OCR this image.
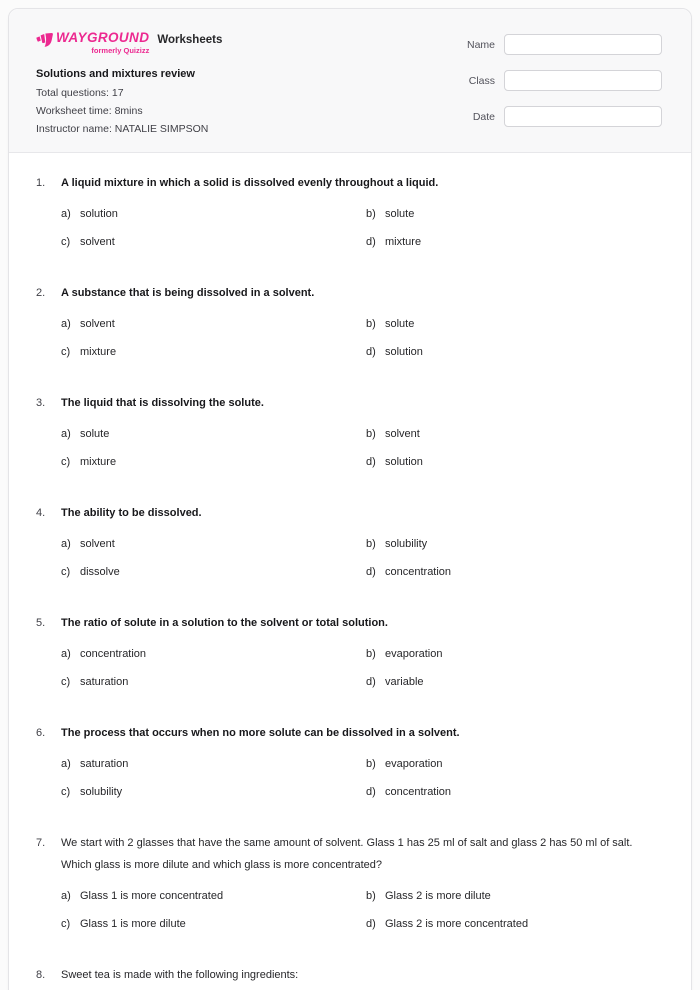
WAYGROUND
formerly Quizizz
Worksheets
Solutions and mixtures review
Total questions: 17
Worksheet time: 8mins
Instructor name: NATALIE SIMPSON
Name
Class
Date
1.	A liquid mixture in which a solid is dissolved evenly throughout a liquid.
a) solution	b) solute
c) solvent	d) mixture
2.	A substance that is being dissolved in a solvent.
a) solvent	b) solute
c) mixture	d) solution
3.	The liquid that is dissolving the solute.
a) solute	b) solvent
c) mixture	d) solution
4.	The ability to be dissolved.
a) solvent	b) solubility
c) dissolve	d) concentration
5.	The ratio of solute in a solution to the solvent or total solution.
a) concentration	b) evaporation
c) saturation	d) variable
6.	The process that occurs when no more solute can be dissolved in a solvent.
a) saturation	b) evaporation
c) solubility	d) concentration
7.	We start with 2 glasses that have the same amount of solvent. Glass 1 has 25 ml of salt and glass 2 has 50 ml of salt. Which glass is more dilute and which glass is more concentrated?
a) Glass 1 is more concentrated	b) Glass 2 is more dilute
c) Glass 1 is more dilute	d) Glass 2 is more concentrated
8.	Sweet tea is made with the following ingredients:
